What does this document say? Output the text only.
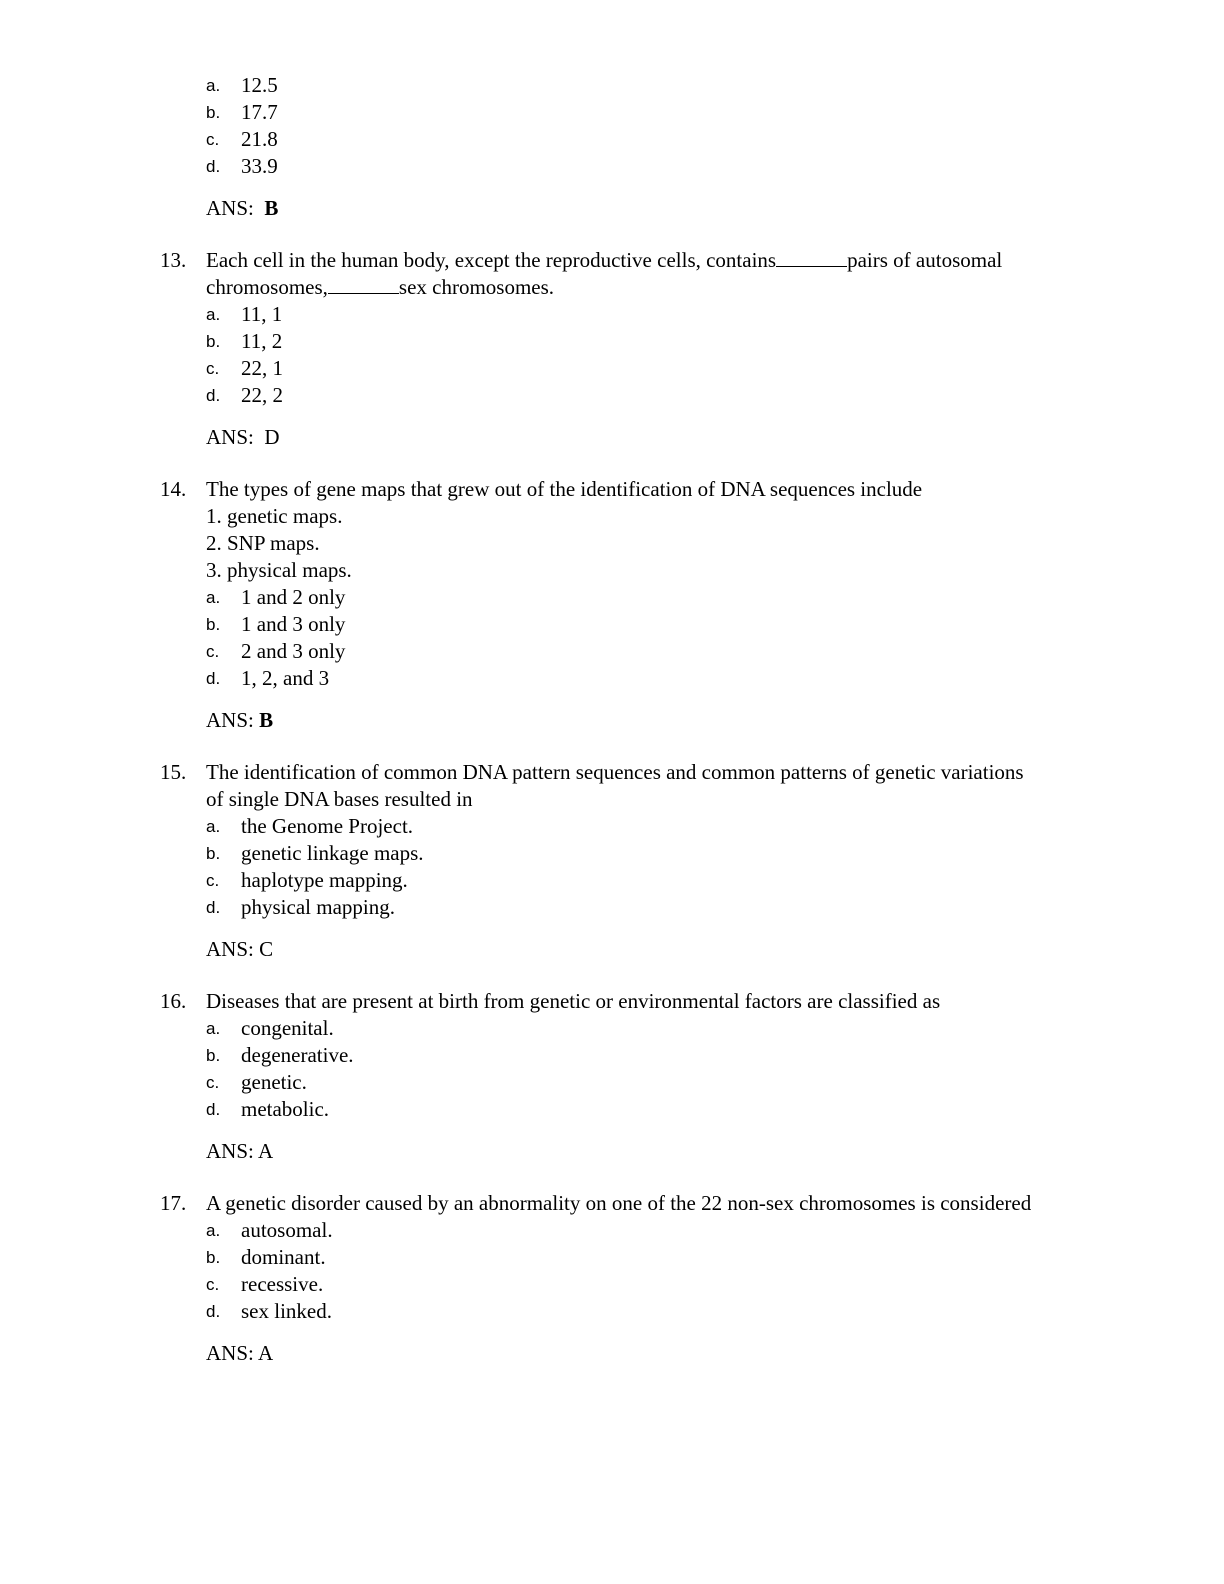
a. 12.5
b. 17.7
c. 21.8
d. 33.9
ANS: B
13. Each cell in the human body, except the reproductive cells, contains	pairs of autosomal chromosomes,	sex chromosomes.
a. 11, 1
b. 11, 2
c. 22, 1
d. 22, 2
ANS: D
14. The types of gene maps that grew out of the identification of DNA sequences include
1. genetic maps.
2. SNP maps.
3. physical maps.
a. 1 and 2 only
b. 1 and 3 only
c. 2 and 3 only
d. 1, 2, and 3
ANS: B
15. The identification of common DNA pattern sequences and common patterns of genetic variations of single DNA bases resulted in
a. the Genome Project.
b. genetic linkage maps.
c. haplotype mapping.
d. physical mapping.
ANS: C
16. Diseases that are present at birth from genetic or environmental factors are classified as
a. congenital.
b. degenerative.
c. genetic.
d. metabolic.
ANS: A
17. A genetic disorder caused by an abnormality on one of the 22 non-sex chromosomes is considered
a. autosomal.
b. dominant.
c. recessive.
d. sex linked.
ANS: A
